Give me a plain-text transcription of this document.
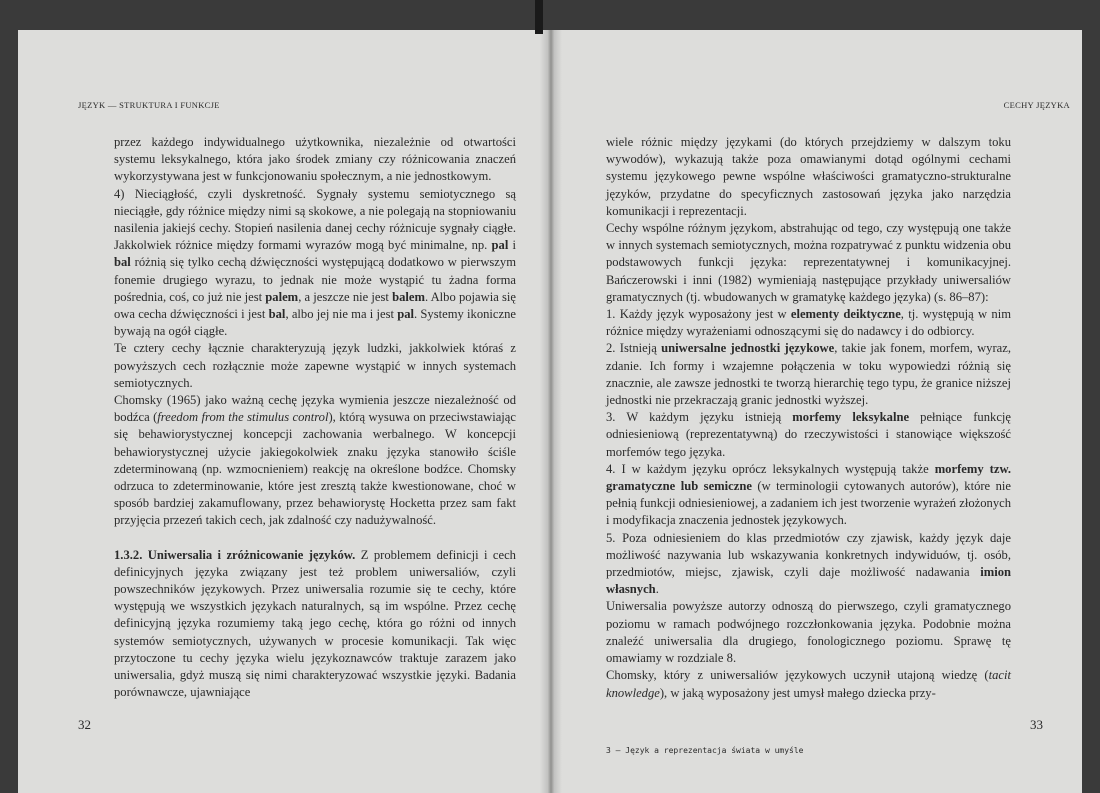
JĘZYK — STRUKTURA I FUNKCJE

przez każdego indywidualnego użytkownika, niezależnie od otwartości systemu leksykalnego, która jako środek zmiany czy różnicowania znaczeń wykorzystywana jest w funkcjonowaniu społecznym, a nie jednostkowym.

4) Nieciągłość, czyli dyskretność. Sygnały systemu semiotycznego są nieciągłe, gdy różnice między nimi są skokowe, a nie polegają na stopniowaniu nasilenia jakiejś cechy. Stopień nasilenia danej cechy różnicuje sygnały ciągłe. Jakkolwiek różnice między formami wyrazów mogą być minimalne, np. pal i bal różnią się tylko cechą dźwięczności występującą dodatkowo w pierwszym fonemie drugiego wyrazu, to jednak nie może wystąpić tu żadna forma pośrednia, coś, co już nie jest palem, a jeszcze nie jest balem. Albo pojawia się owa cecha dźwięczności i jest bal, albo jej nie ma i jest pal. Systemy ikoniczne bywają na ogół ciągłe.

Te cztery cechy łącznie charakteryzują język ludzki, jakkolwiek któraś z powyższych cech rozłącznie może zapewne wystąpić w innych systemach semiotycznych.

Chomsky (1965) jako ważną cechę języka wymienia jeszcze niezależność od bodźca (freedom from the stimulus control), którą wysuwa on przeciwstawiając się behawiorystycznej koncepcji zachowania werbalnego. W koncepcji behawiorystycznej użycie jakiegokolwiek znaku języka stanowiło ściśle zdeterminowaną (np. wzmocnieniem) reakcję na określone bodźce. Chomsky odrzuca to zdeterminowanie, które jest zresztą także kwestionowane, choć w sposób bardziej zakamuflowany, przez behawiorystę Hocketta przez sam fakt przyjęcia przezeń takich cech, jak zdalność czy nadużywalność.

1.3.2. Uniwersalia i zróżnicowanie języków. Z problemem definicji i cech definicyjnych języka związany jest też problem uniwersaliów, czyli powszechników językowych. Przez uniwersalia rozumie się te cechy, które występują we wszystkich językach naturalnych, są im wspólne. Przez cechę definicyjną języka rozumiemy taką jego cechę, która go różni od innych systemów semiotycznych, używanych w procesie komunikacji. Tak więc przytoczone tu cechy języka wielu językoznawców traktuje zarazem jako uniwersalia, gdyż muszą się nimi charakteryzować wszystkie języki. Badania porównawcze, ujawniające

32
CECHY JĘZYKA

wiele różnic między językami (do których przejdziemy w dalszym toku wywodów), wykazują także poza omawianymi dotąd ogólnymi cechami systemu językowego pewne wspólne właściwości gramatyczno-strukturalne języków, przydatne do specyficznych zastosowań języka jako narzędzia komunikacji i reprezentacji.

Cechy wspólne różnym językom, abstrahując od tego, czy występują one także w innych systemach semiotycznych, można rozpatrywać z punktu widzenia obu podstawowych funkcji języka: reprezentatywnej i komunikacyjnej. Bańczerowski i inni (1982) wymieniają następujące przykłady uniwersaliów gramatycznych (tj. wbudowanych w gramatykę każdego języka) (s. 86–87):

1. Każdy język wyposażony jest w elementy deiktyczne, tj. występują w nim różnice między wyrażeniami odnoszącymi się do nadawcy i do odbiorcy.

2. Istnieją uniwersalne jednostki językowe, takie jak fonem, morfem, wyraz, zdanie. Ich formy i wzajemne połączenia w toku wypowiedzi różnią się znacznie, ale zawsze jednostki te tworzą hierarchię tego typu, że granice niższej jednostki nie przekraczają granic jednostki wyższej.

3. W każdym języku istnieją morfemy leksykalne pełniące funkcję odniesieniową (reprezentatywną) do rzeczywistości i stanowiące większość morfemów tego języka.

4. I w każdym języku oprócz leksykalnych występują także morfemy tzw. gramatyczne lub semiczne (w terminologii cytowanych autorów), które nie pełnią funkcji odniesieniowej, a zadaniem ich jest tworzenie wyrażeń złożonych i modyfikacja znaczenia jednostek językowych.

5. Poza odniesieniem do klas przedmiotów czy zjawisk, każdy język daje możliwość nazywania lub wskazywania konkretnych indywiduów, tj. osób, przedmiotów, miejsc, zjawisk, czyli daje możliwość nadawania imion własnych.

Uniwersalia powyższe autorzy odnoszą do pierwszego, czyli gramatycznego poziomu w ramach podwójnego rozczłonkowania języka. Podobnie można znaleźć uniwersalia dla drugiego, fonologicznego poziomu. Sprawę tę omawiamy w rozdziale 8.

Chomsky, który z uniwersaliów językowych uczynił utajoną wiedzę (tacit knowledge), w jaką wyposażony jest umysł małego dziecka przy-

33
3 — Język a reprezentacja świata w umyśle
